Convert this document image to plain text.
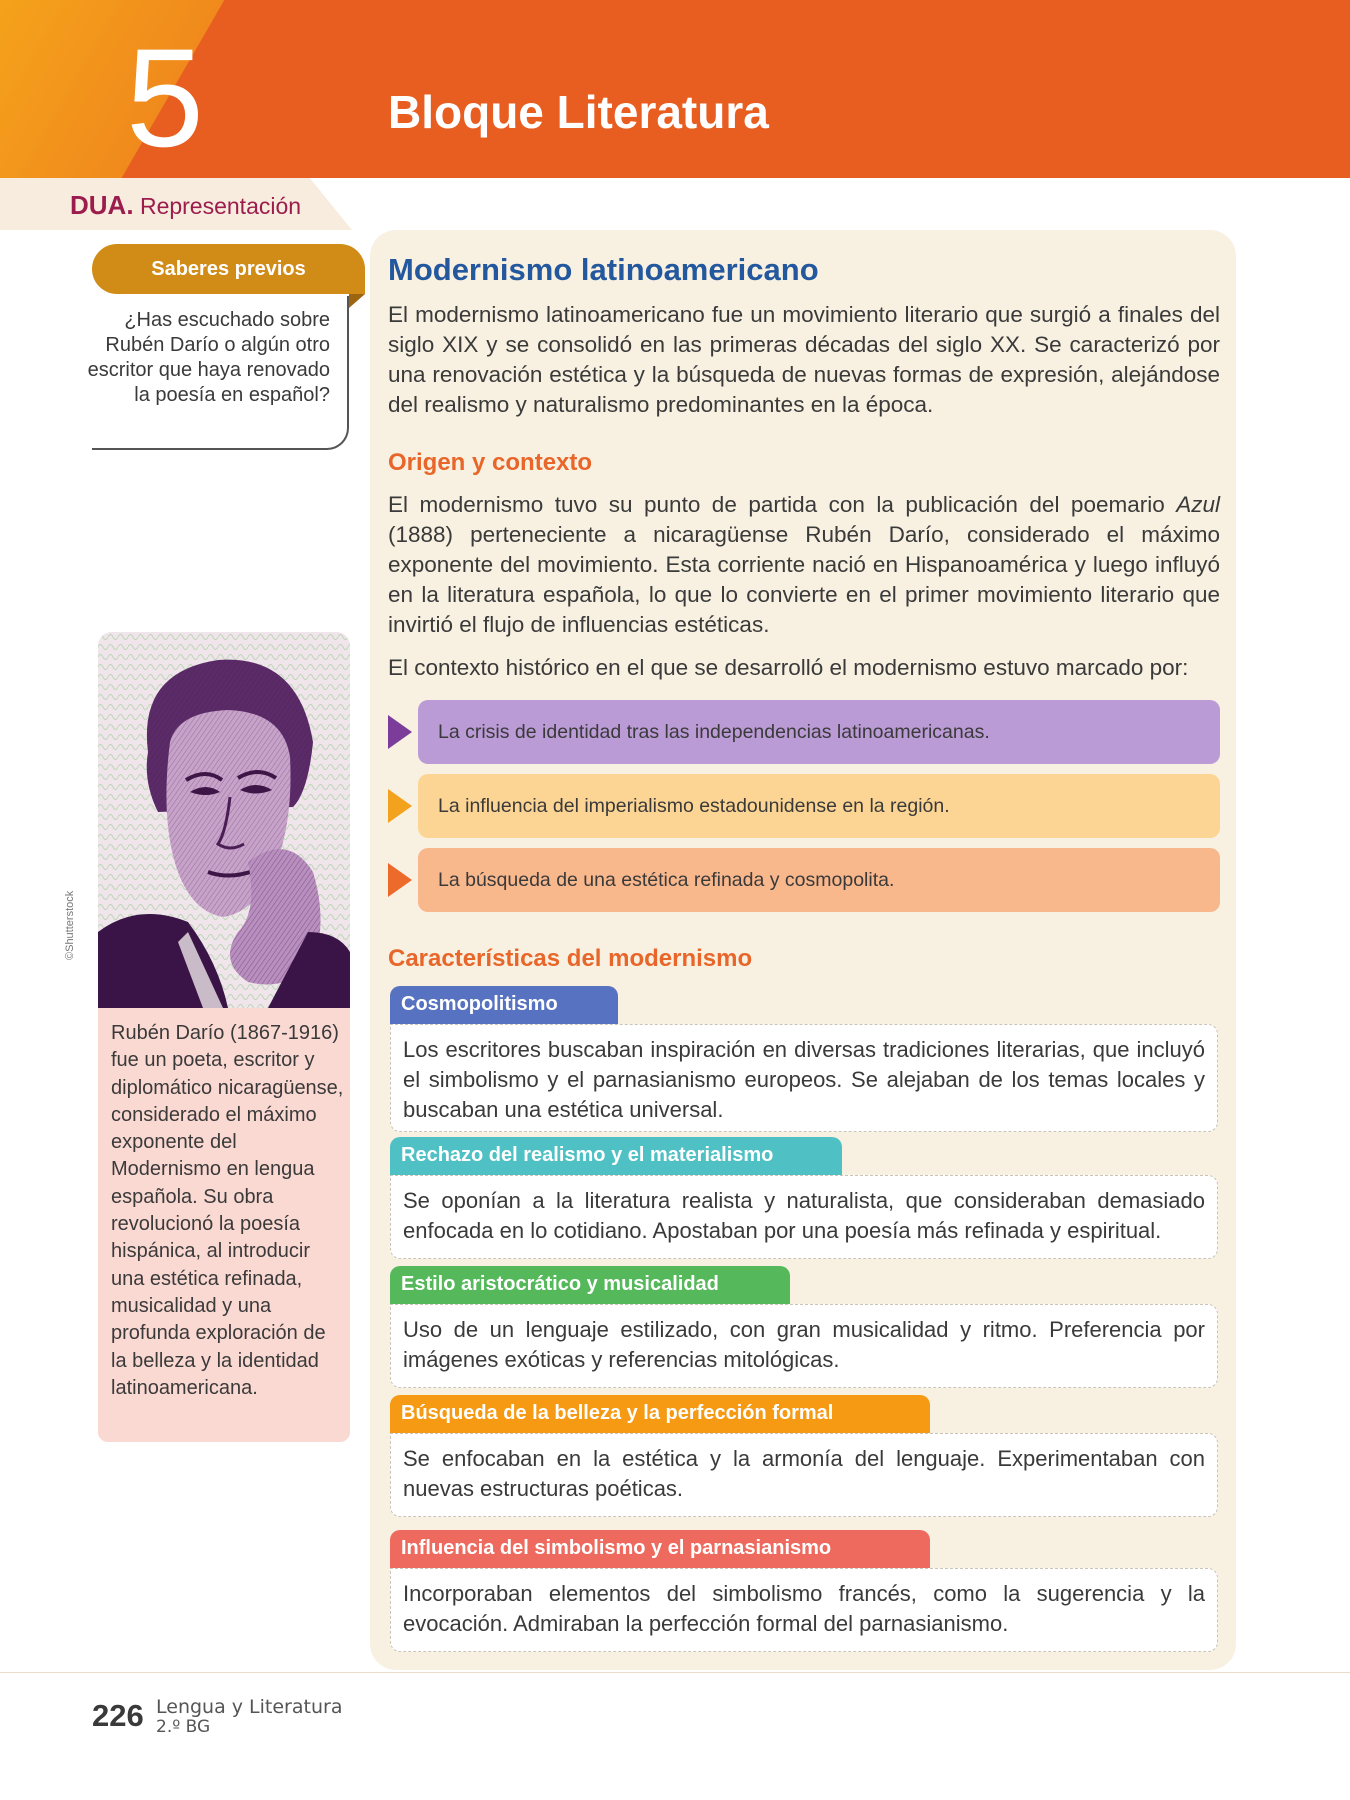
5	Bloque Literatura
DUA. Representación
Saberes previos
¿Has escuchado sobre Rubén Darío o algún otro escritor que haya renovado la poesía en español?
©Shutterstock
Rubén Darío (1867-1916) fue un poeta, escritor y diplomático nicaragüense, considerado el máximo exponente del Modernismo en lengua española. Su obra revolucionó la poesía hispánica, al introducir una estética refinada, musicalidad y una profunda exploración de la belleza y la identidad latinoamericana.
Modernismo latinoamericano
El modernismo latinoamericano fue un movimiento literario que surgió a finales del siglo XIX y se consolidó en las primeras décadas del siglo XX. Se caracterizó por una renovación estética y la búsqueda de nuevas formas de expresión, alejándose del realismo y naturalismo predominantes en la época.
Origen y contexto
El modernismo tuvo su punto de partida con la publicación del poemario Azul (1888) perteneciente a nicaragüense Rubén Darío, considerado el máximo exponente del movimiento. Esta corriente nació en Hispanoamérica y luego influyó en la literatura española, lo que lo convierte en el primer movimiento literario que invirtió el flujo de influencias estéticas.
El contexto histórico en el que se desarrolló el modernismo estuvo marcado por:
La crisis de identidad tras las independencias latinoamericanas.
La influencia del imperialismo estadounidense en la región.
La búsqueda de una estética refinada y cosmopolita.
Características del modernismo
Cosmopolitismo
Los escritores buscaban inspiración en diversas tradiciones literarias, que incluyó el simbolismo y el parnasianismo europeos. Se alejaban de los temas locales y buscaban una estética universal.
Rechazo del realismo y el materialismo
Se oponían a la literatura realista y naturalista, que consideraban demasiado enfocada en lo cotidiano. Apostaban por una poesía más refinada y espiritual.
Estilo aristocrático y musicalidad
Uso de un lenguaje estilizado, con gran musicalidad y ritmo. Preferencia por imágenes exóticas y referencias mitológicas.
Búsqueda de la belleza y la perfección formal
Se enfocaban en la estética y la armonía del lenguaje. Experimentaban con nuevas estructuras poéticas.
Influencia del simbolismo y el parnasianismo
Incorporaban elementos del simbolismo francés, como la sugerencia y la evocación. Admiraban la perfección formal del parnasianismo.
226 Lengua y Literatura
2.º BG
